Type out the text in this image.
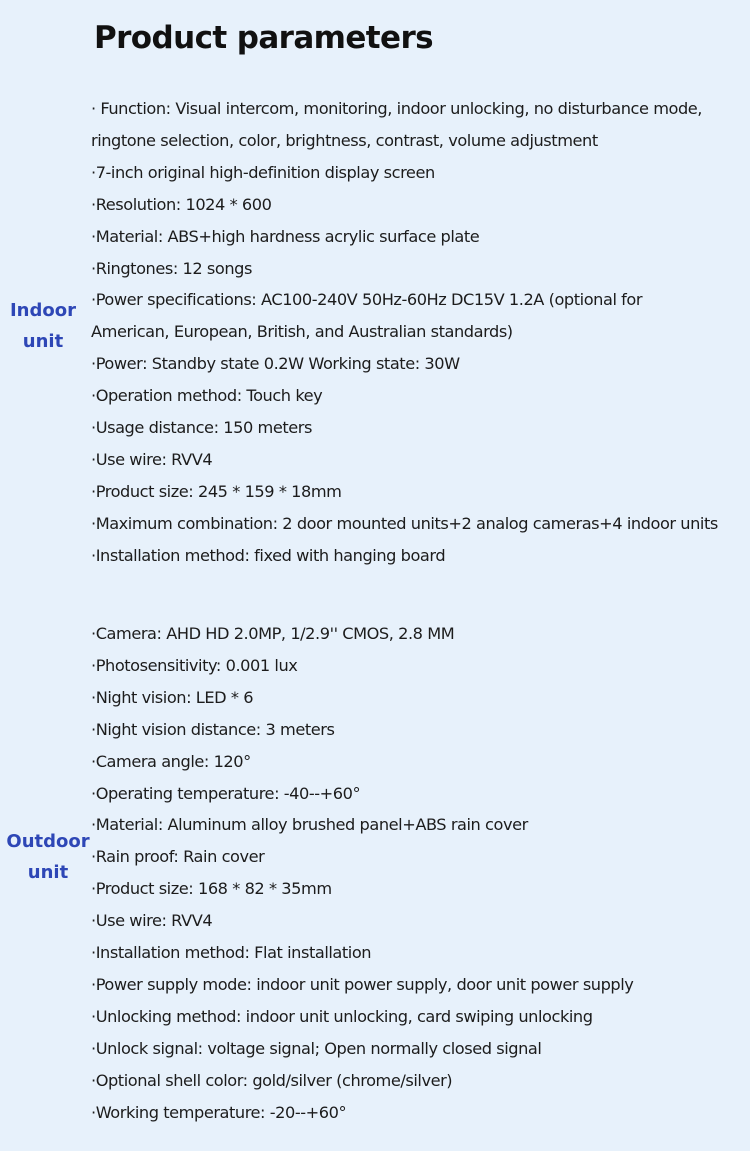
Product parameters
Indoor
unit
· Function: Visual intercom, monitoring, indoor unlocking, no disturbance mode,
ringtone selection, color, brightness, contrast, volume adjustment
·7-inch original high-definition display screen
·Resolution: 1024 * 600
·Material: ABS+high hardness acrylic surface plate
·Ringtones: 12 songs
·Power specifications: AC100-240V 50Hz-60Hz DC15V 1.2A (optional for
American, European, British, and Australian standards)
·Power: Standby state 0.2W Working state: 30W
·Operation method: Touch key
·Usage distance: 150 meters
·Use wire: RVV4
·Product size: 245 * 159 * 18mm
·Maximum combination: 2 door mounted units+2 analog cameras+4 indoor units
·Installation method: fixed with hanging board
Outdoor
unit
·Camera: AHD HD 2.0MP, 1/2.9'' CMOS, 2.8 MM
·Photosensitivity: 0.001 lux
·Night vision: LED * 6
·Night vision distance: 3 meters
·Camera angle: 120°
·Operating temperature: -40--+60°
·Material: Aluminum alloy brushed panel+ABS rain cover
·Rain proof: Rain cover
·Product size: 168 * 82 * 35mm
·Use wire: RVV4
·Installation method: Flat installation
·Power supply mode: indoor unit power supply, door unit power supply
·Unlocking method: indoor unit unlocking, card swiping unlocking
·Unlock signal: voltage signal; Open normally closed signal
·Optional shell color: gold/silver (chrome/silver)
·Working temperature: -20--+60°
